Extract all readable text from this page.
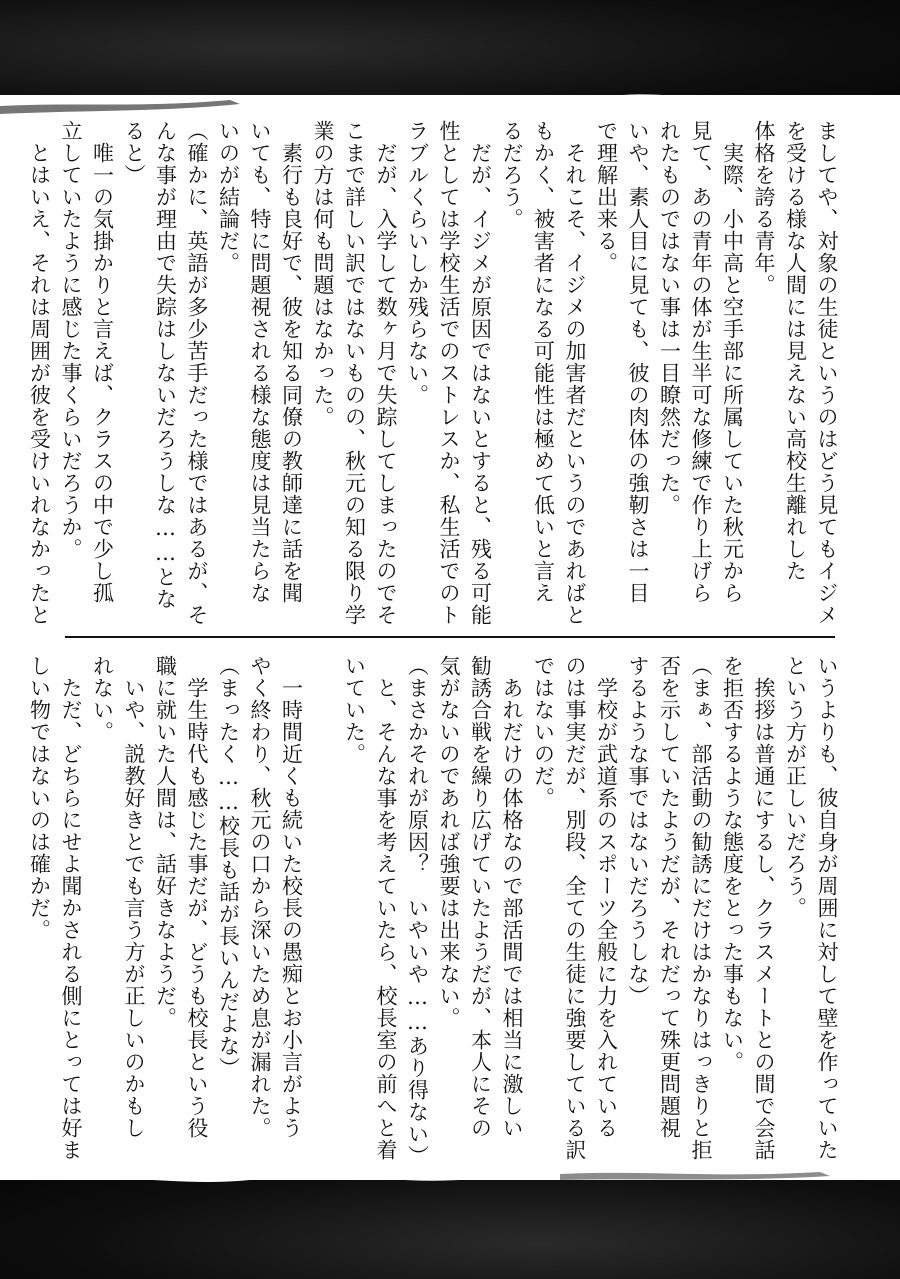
ましてや、対象の生徒というのはどう見てもイジメ
を受ける様な人間には見えない高校生離れした
体格を誇る青年。
　実際、小中高と空手部に所属していた秋元から
見て、あの青年の体が生半可な修練で作り上げら
れたものではない事は一目瞭然だった。
いや、素人目に見ても、彼の肉体の強靭さは一目
で理解出来る。
　それこそ、イジメの加害者だというのであればと
もかく、被害者になる可能性は極めて低いと言え
るだろう。
　だが、イジメが原因ではないとすると、残る可能
性としては学校生活でのストレスか、私生活でのト
ラブルくらいしか残らない。
　だが、入学して数ヶ月で失踪してしまったのでそ
こまで詳しい訳ではないものの、秋元の知る限り学
業の方は何も問題はなかった。
　素行も良好で、彼を知る同僚の教師達に話を聞
いても、特に問題視される様な態度は見当たらな
いのが結論だ。
（確かに、英語が多少苦手だった様ではあるが、そ
んな事が理由で失踪はしないだろうしな……とな
ると）
　唯一の気掛かりと言えば、クラスの中で少し孤
立していたように感じた事くらいだろうか。
　とはいえ、それは周囲が彼を受けいれなかったと
いうよりも、彼自身が周囲に対して壁を作っていた
という方が正しいだろう。
　挨拶は普通にするし、クラスメートとの間で会話
を拒否するような態度をとった事もない。
（まぁ、部活動の勧誘にだけはかなりはっきりと拒
否を示していたようだが、それだって殊更問題視
するような事ではないだろうしな）
　学校が武道系のスポーツ全般に力を入れている
のは事実だが、別段、全ての生徒に強要している訳
ではないのだ。
　あれだけの体格なので部活間では相当に激しい
勧誘合戦を繰り広げていたようだが、本人にその
気がないのであれば強要は出来ない。
（まさかそれが原因？　いやいや……あり得ない）
　と、そんな事を考えていたら、校長室の前へと着
いていた。

　一時間近くも続いた校長の愚痴とお小言がよう
やく終わり、秋元の口から深いため息が漏れた。
（まったく……校長も話が長いんだよな）
　学生時代も感じた事だが、どうも校長という役
職に就いた人間は、話好きなようだ。
　いや、説教好きとでも言う方が正しいのかもし
れない。
　ただ、どちらにせよ聞かされる側にとっては好ま
しい物ではないのは確かだ。
